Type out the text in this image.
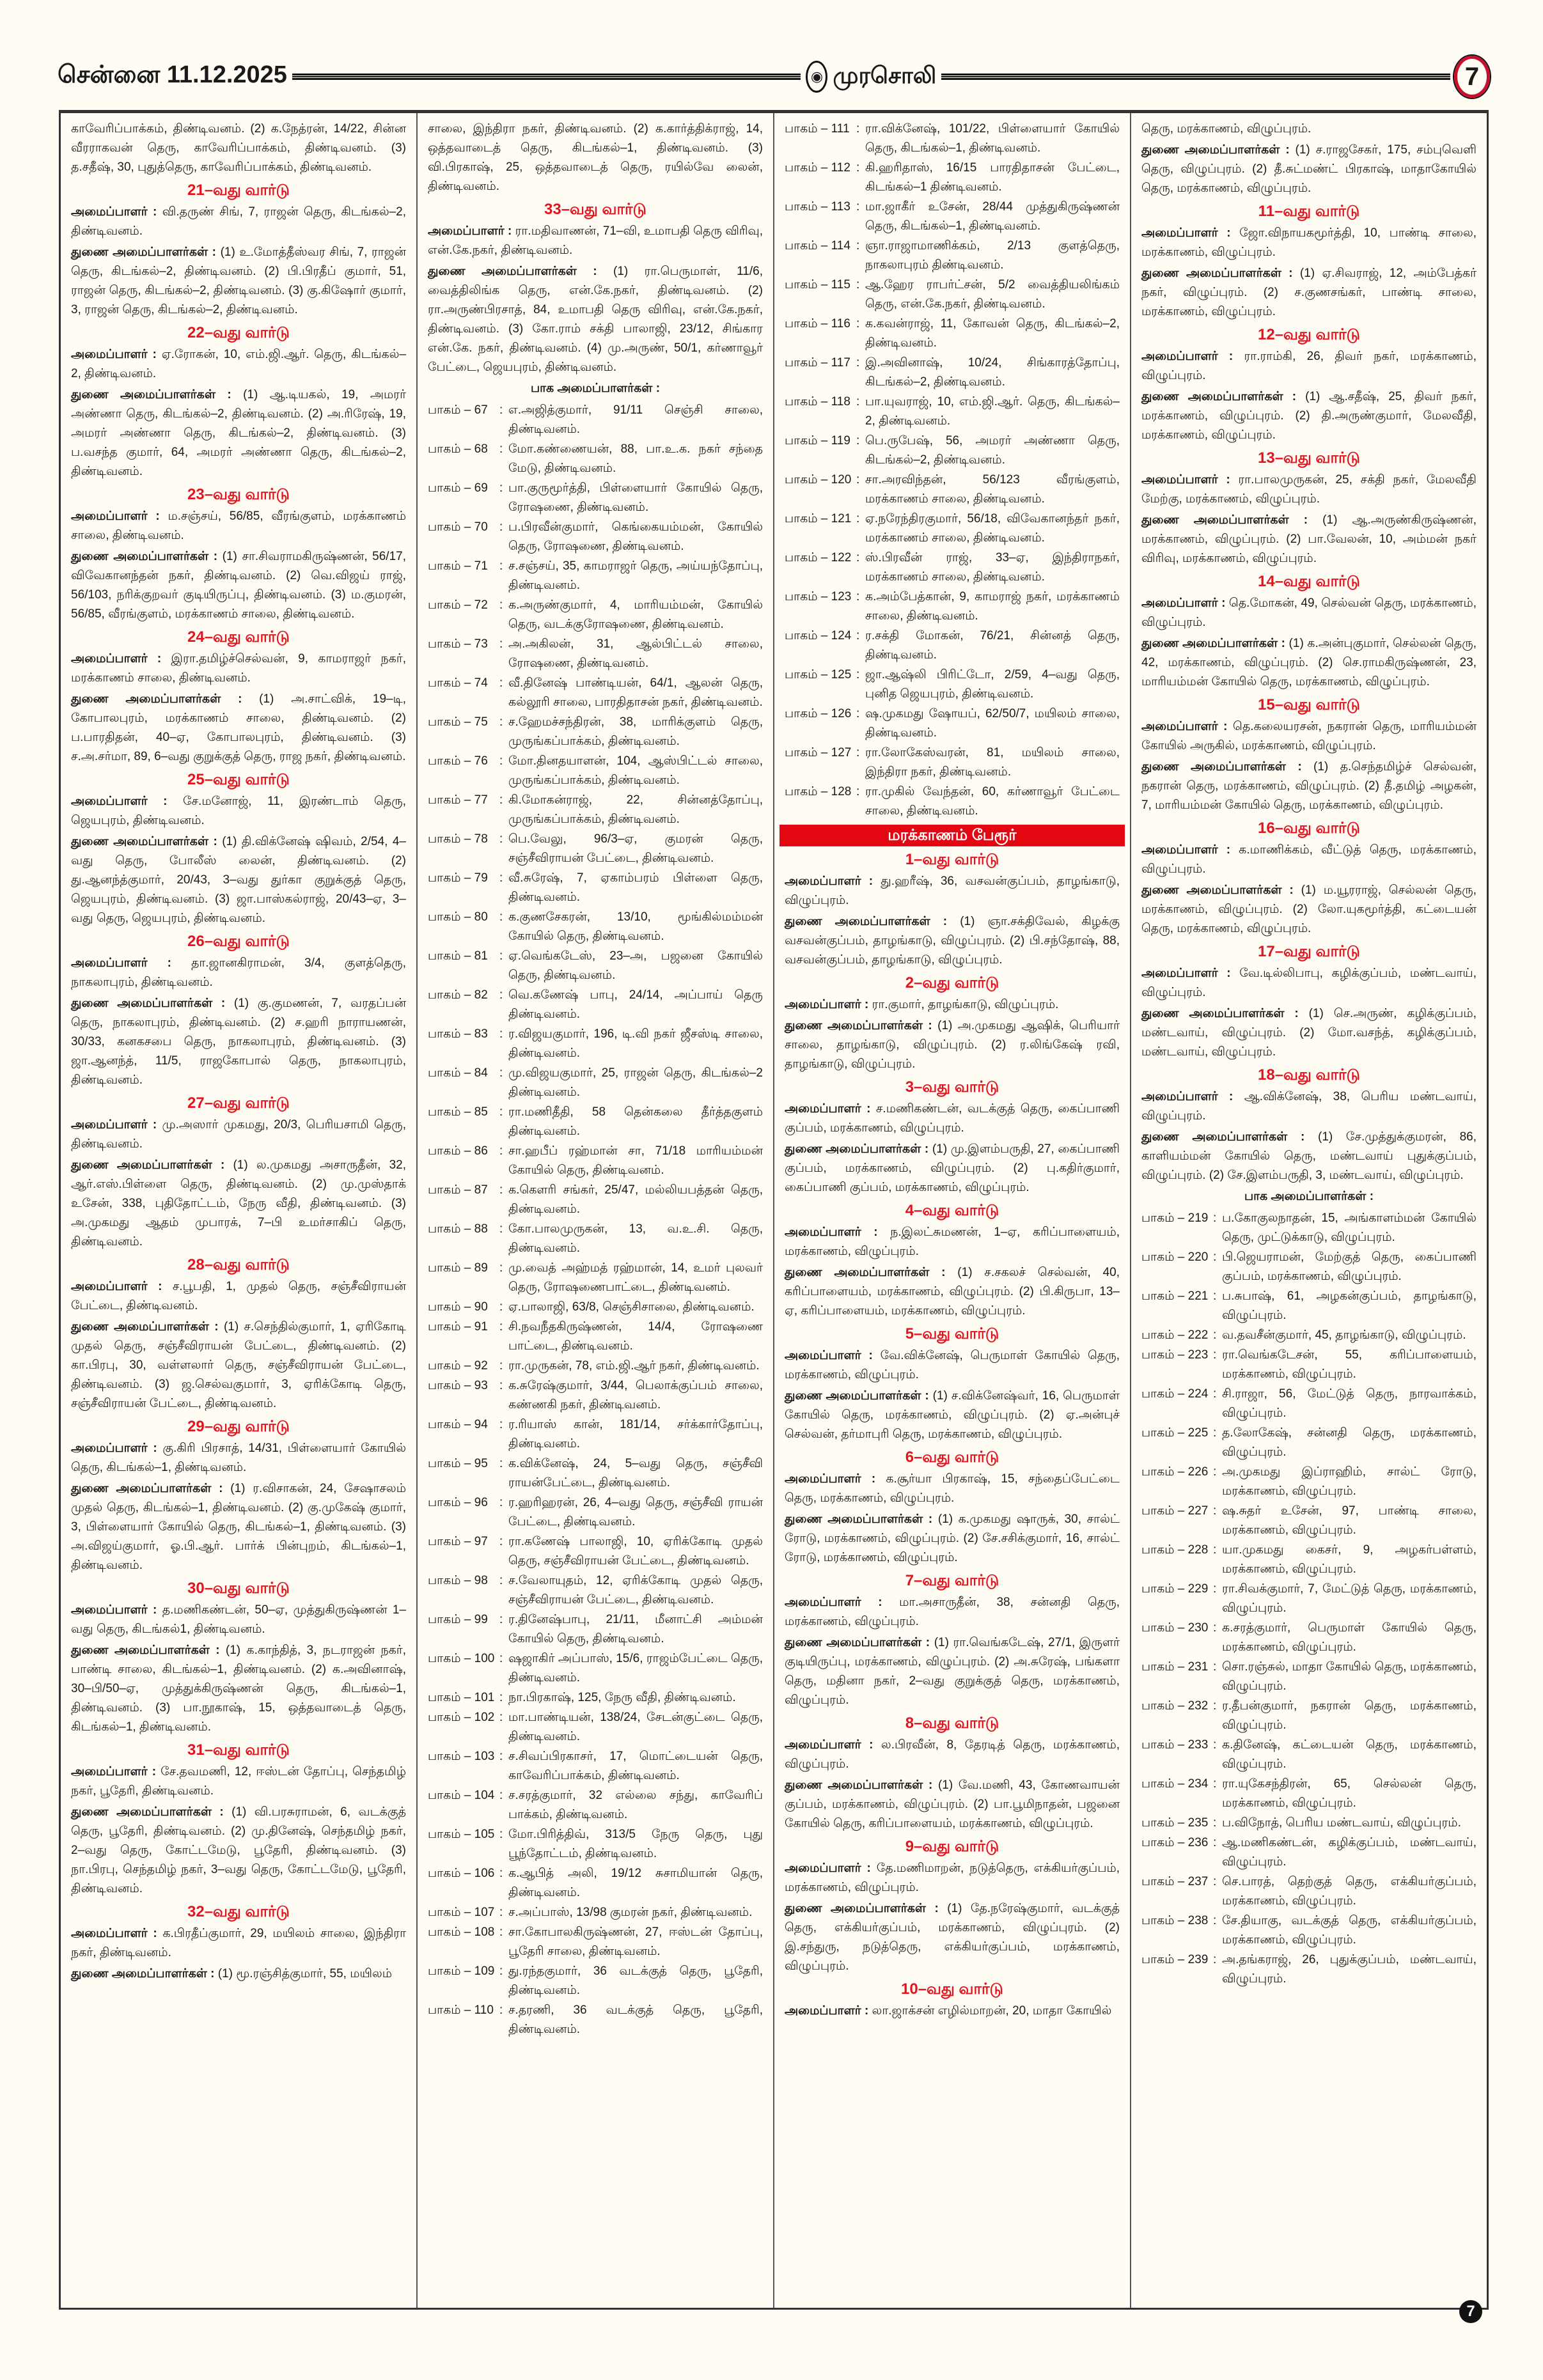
சென்னை 11.12.2025	◉ முரசொலி	7

காவேரிப்பாக்கம், திண்டிவனம். (2) க.நேத்ரன், 14/22, சின்ன வீரராகவன் தெரு, காவேரிப்பாக்கம், திண்டிவனம். (3) த.சதீஷ், 30, புதுத்தெரு, காவேரிப்பாக்கம், திண்டிவனம்.

21–வது வார்டு

அமைப்பாளர் : வி.தருண் சிங், 7, ராஜன் தெரு, கிடங்கல்–2, திண்டிவனம்.

துணை அமைப்பாளர்கள் : (1) உ.மோத்தீஸ்வர சிங், 7, ராஜன் தெரு, கிடங்கல்–2, திண்டிவனம். (2) பி.பிரதீப் குமார், 51, ராஜன் தெரு, கிடங்கல்–2, திண்டிவனம். (3) கு.கிஷோர் குமார், 3, ராஜன் தெரு, கிடங்கல்–2, திண்டிவனம்.

22–வது வார்டு

அமைப்பாளர் : ஏ.ரோகன், 10, எம்.ஜி.ஆர். தெரு, கிடங்கல்–2, திண்டிவனம்.

துணை அமைப்பாளர்கள் : (1) ஆ.டியகல், 19, அமரர் அண்ணா தெரு, கிடங்கல்–2, திண்டிவனம். (2) அ.ரிரேஷ், 19, அமரர் அண்ணா தெரு, கிடங்கல்–2, திண்டிவனம். (3) ப.வசந்த குமார், 64, அமரர் அண்ணா தெரு, கிடங்கல்–2, திண்டிவனம்.

23–வது வார்டு

அமைப்பாளர் : ம.சஞ்சய், 56/85, வீரங்குளம், மரக்காணம் சாலை, திண்டிவனம்.

துணை அமைப்பாளர்கள் : (1) சா.சிவராமகிருஷ்ணன், 56/17, விவேகானந்தன் நகர், திண்டிவனம். (2) வெ.விஜய் ராஜ், 56/103, நரிக்குறவர் குடியிருப்பு, திண்டிவனம். (3) ம.குமரன், 56/85, வீரங்குளம், மரக்காணம் சாலை, திண்டிவனம்.

24–வது வார்டு

அமைப்பாளர் : இரா.தமிழ்ச்செல்வன், 9, காமராஜர் நகர், மரக்காணம் சாலை, திண்டிவனம்.

துணை அமைப்பாளர்கள் : (1) அ.சாட்விக், 19–டி, கோபாலபுரம், மரக்காணம் சாலை, திண்டிவனம். (2) ப.பாரதிதன், 40–ஏ, கோபாலபுரம், திண்டிவனம். (3) ச.அ.சர்மா, 89, 6–வது குறுக்குத் தெரு, ராஜ நகர், திண்டிவனம்.

25–வது வார்டு

அமைப்பாளர் : சே.மனோஜ், 11, இரண்டாம் தெரு, ஜெயபுரம், திண்டிவனம்.

துணை அமைப்பாளர்கள் : (1) தி.விக்னேஷ் ஷிவம், 2/54, 4–வது தெரு, போலீஸ் லைன், திண்டிவனம். (2) து.ஆனந்த்குமார், 20/43, 3–வது துர்கா குறுக்குத் தெரு, ஜெயபுரம், திண்டிவனம். (3) ஜா.பாஸ்கல்ராஜ், 20/43–ஏ, 3–வது தெரு, ஜெயபுரம், திண்டிவனம்.

26–வது வார்டு

அமைப்பாளர் : தா.ஜானகிராமன், 3/4, குளத்தெரு, நாகலாபுரம், திண்டிவனம்.

துணை அமைப்பாளர்கள் : (1) கு.குமணன், 7, வரதப்பன் தெரு, நாகலாபுரம், திண்டிவனம். (2) ச.ஹரி நாராயணன், 30/33, கனகசபை தெரு, நாகலாபுரம், திண்டிவனம். (3) ஜா.ஆனந்த், 11/5, ராஜகோபால் தெரு, நாகலாபுரம், திண்டிவனம்.

27–வது வார்டு

அமைப்பாளர் : மு.அஸார் முகமது, 20/3, பெரியசாமி தெரு, திண்டிவனம்.

துணை அமைப்பாளர்கள் : (1) ல.முகமது அசாருதீன், 32, ஆர்.எஸ்.பிள்ளை தெரு, திண்டிவனம். (2) மு.முஸ்தாக் உசேன், 338, புதிதோட்டம், நேரு வீதி, திண்டிவனம். (3) அ.முகமது ஆதம் முபாரக், 7–பி உமர்சாகிப் தெரு, திண்டிவனம்.

28–வது வார்டு

அமைப்பாளர் : ச.பூபதி, 1, முதல் தெரு, சஞ்சீவிராயன் பேட்டை, திண்டிவனம்.

துணை அமைப்பாளர்கள் : (1) ச.செந்தில்குமார், 1, ஏரிகோடி முதல் தெரு, சஞ்சீவிராயன் பேட்டை, திண்டிவனம். (2) கா.பிரபு, 30, வள்ளலார் தெரு, சஞ்சீவிராயன் பேட்டை, திண்டிவனம். (3) ஜ.செல்வகுமார், 3, ஏரிக்கோடி தெரு, சஞ்சீவிராயன் பேட்டை, திண்டிவனம்.

29–வது வார்டு

அமைப்பாளர் : கு.கிரி பிரசாத், 14/31, பிள்ளையார் கோயில் தெரு, கிடங்கல்–1, திண்டிவனம்.

துணை அமைப்பாளர்கள் : (1) ர.விசாகன், 24, சேஷாசலம் முதல் தெரு, கிடங்கல்–1, திண்டிவனம். (2) கு.முகேஷ் குமார், 3, பிள்ளையார் கோயில் தெரு, கிடங்கல்–1, திண்டிவனம். (3) அ.விஜய்குமார், ஓ.பி.ஆர். பார்க் பின்புறம், கிடங்கல்–1, திண்டிவனம்.

30–வது வார்டு

அமைப்பாளர் : த.மணிகண்டன், 50–ஏ, முத்துகிருஷ்ணன் 1–வது தெரு, கிடங்கல்1, திண்டிவனம்.

துணை அமைப்பாளர்கள் : (1) க.காந்தித், 3, நடராஜன் நகர், பாண்டி சாலை, கிடங்கல்–1, திண்டிவனம். (2) க.அவினாஷ், 30–பி/50–ஏ, முத்துக்கிருஷ்ணன் தெரு, கிடங்கல்–1, திண்டிவனம். (3) பா.நூகாஷ், 15, ஒத்தவாடைத் தெரு, கிடங்கல்–1, திண்டிவனம்.

31–வது வார்டு

அமைப்பாளர் : சே.தவமணி, 12, ஈஸ்டன் தோப்பு, செந்தமிழ் நகர், பூதேரி, திண்டிவனம்.

துணை அமைப்பாளர்கள் : (1) வி.பரசுராமன், 6, வடக்குத் தெரு, பூதேரி, திண்டிவனம். (2) மு.தினேஷ், செந்தமிழ் நகர், 2–வது தெரு, கோட்டமேடு, பூதேரி, திண்டிவனம். (3) நா.பிரபு, செந்தமிழ் நகர், 3–வது தெரு, கோட்டமேடு, பூதேரி, திண்டிவனம்.

32–வது வார்டு

அமைப்பாளர் : க.பிரதீப்குமார், 29, மயிலம் சாலை, இந்திரா நகர், திண்டிவனம்.

துணை அமைப்பாளர்கள் : (1) மூ.ரஞ்சித்குமார், 55, மயிலம்

சாலை, இந்திரா நகர், திண்டிவனம். (2) க.கார்த்திக்ராஜ், 14, ஒத்தவாடைத் தெரு, கிடங்கல்–1, திண்டிவனம். (3) வி.பிரகாஷ், 25, ஒத்தவாடைத் தெரு, ரயில்வே லைன், திண்டிவனம்.

33–வது வார்டு

அமைப்பாளர் : ரா.மதிவாணன், 71–வி, உமாபதி தெரு விரிவு, என்.கே.நகர், திண்டிவனம்.

துணை அமைப்பாளர்கள் : (1) ரா.பெருமாள், 11/6, வைத்திலிங்க தெரு, என்.கே.நகர், திண்டிவனம். (2) ரா.அருண்பிரசாத், 84, உமாபதி தெரு விரிவு, என்.கே.நகர், திண்டிவனம். (3) கோ.ராம் சக்தி பாலாஜி, 23/12, சிங்கார என்.கே. நகர், திண்டிவனம். (4) மு.அருண், 50/1, கர்ணாவூர் பேட்டை, ஜெயபுரம், திண்டிவனம்.

பாக அமைப்பாளர்கள் :
பாகம் – 67 : எ.அஜித்குமார், 91/11 செஞ்சி சாலை, திண்டிவனம்.
பாகம் – 68 : மோ.கண்ணையன், 88, பா.உ.க. நகர் சந்தை மேடு, திண்டிவனம்.
பாகம் – 69 : பா.குருமூர்த்தி, பிள்ளையார் கோயில் தெரு, ரோஷணை, திண்டிவனம்.
பாகம் – 70 : ப.பிரவீன்குமார், கெங்கையம்மன், கோயில் தெரு, ரோஷணை, திண்டிவனம்.
பாகம் – 71 : ச.சஞ்சய், 35, காமராஜர் தெரு, அய்யந்தோப்பு, திண்டிவனம்.
பாகம் – 72 : க.அருண்குமார், 4, மாரியம்மன், கோயில் தெரு, வடக்குரோஷணை, திண்டிவனம்.
பாகம் – 73 : அ.அகிலன், 31, ஆல்பிட்டல் சாலை, ரோஷணை, திண்டிவனம்.
பாகம் – 74 : வீ.தினேஷ் பாண்டியன், 64/1, ஆலன் தெரு, கல்லூரி சாலை, பாரதிதாசன் நகர், திண்டிவனம்.
பாகம் – 75 : ச.ஹேமச்சந்திரன், 38, மாரிக்குளம் தெரு, முருங்கப்பாக்கம், திண்டிவனம்.
பாகம் – 76 : மோ.தினதயாளன், 104, ஆஸ்பிட்டல் சாலை, முருங்கப்பாக்கம், திண்டிவனம்.
பாகம் – 77 : கி.மோகன்ராஜ், 22, சின்னத்தோப்பு, முருங்கப்பாக்கம், திண்டிவனம்.
பாகம் – 78 : பெ.வேலு, 96/3–ஏ, குமரன் தெரு, சஞ்சீவிராயன் பேட்டை, திண்டிவனம்.
பாகம் – 79 : வீ.சுரேஷ், 7, ஏகாம்பரம் பிள்ளை தெரு, திண்டிவனம்.
பாகம் – 80 : க.குணசேகரன், 13/10, மூங்கில்மம்மன் கோயில் தெரு, திண்டிவனம்.
பாகம் – 81 : ஏ.வெங்கடேஸ், 23–அ, பஜனை கோயில் தெரு, திண்டிவனம்.
பாகம் – 82 : வெ.கணேஷ் பாபு, 24/14, அப்பாய் தெரு திண்டிவனம்.
பாகம் – 83 : ர.விஜயகுமார், 196, டி.வி நகர் ஜீசஸ்டி சாலை, திண்டிவனம்.
பாகம் – 84 : மு.விஜயகுமார், 25, ராஜன் தெரு, கிடங்கல்–2 திண்டிவனம்.
பாகம் – 85 : ரா.மணிதீதி, 58 தென்கலை தீர்த்தகுளம் திண்டிவனம்.
பாகம் – 86 : சா.ஹபீப் ரஹ்மான் சா, 71/18 மாரியம்மன் கோயில் தெரு, திண்டிவனம்.
பாகம் – 87 : க.கௌரி சங்கர், 25/47, மல்லியபத்தன் தெரு, திண்டிவனம்.
பாகம் – 88 : கோ.பாலமுருகன், 13, வ.உ.சி. தெரு, திண்டிவனம்.
பாகம் – 89 : மு.வைத் அஹ்மத் ரஹ்மான், 14, உமர் புலவர் தெரு, ரோஷணைபாட்டை, திண்டிவனம்.
பாகம் – 90 : ஏ.பாலாஜி, 63/8, செஞ்சிசாலை, திண்டிவனம்.
பாகம் – 91 : சி.நவநீதகிருஷ்ணன், 14/4, ரோஷணை பாட்டை, திண்டிவனம்.
பாகம் – 92 : ரா.முருகன், 78, எம்.ஜி.ஆர் நகர், திண்டிவனம்.
பாகம் – 93 : க.சுரேஷ்குமார், 3/44, பெலாக்குப்பம் சாலை, கண்ணகி நகர், திண்டிவனம்.
பாகம் – 94 : ர.ரியாஸ் கான், 181/14, சர்க்கார்தோப்பு, திண்டிவனம்.
பாகம் – 95 : க.விக்னேஷ், 24, 5–வது தெரு, சஞ்சீவி ராயன்பேட்டை, திண்டிவனம்.
பாகம் – 96 : ர.ஹரிஹரன், 26, 4–வது தெரு, சஞ்சீவி ராயன் பேட்டை, திண்டிவனம்.
பாகம் – 97 : ரா.கணேஷ் பாலாஜி, 10, ஏரிக்கோடி முதல் தெரு, சஞ்சீவிராயன் பேட்டை, திண்டிவனம்.
பாகம் – 98 : ச.வேலாயுதம், 12, ஏரிக்கோடி முதல் தெரு, சஞ்சீவிராயன் பேட்டை, திண்டிவனம்.
பாகம் – 99 : ர.தினேஷ்பாபு, 21/11, மீனாட்சி அம்மன் கோயில் தெரு, திண்டிவனம்.
பாகம் – 100 : ஷஜாகிர் அப்பாஸ், 15/6, ராஜம்பேட்டை தெரு, திண்டிவனம்.
பாகம் – 101 : நா.பிரகாஷ், 125, நேரு வீதி, திண்டிவனம்.
பாகம் – 102 : மா.பாண்டியன், 138/24, சேடன்குட்டை தெரு, திண்டிவனம்.
பாகம் – 103 : ச.சிவப்பிரகாசர், 17, மொட்டையன் தெரு, காவேரிப்பாக்கம், திண்டிவனம்.
பாகம் – 104 : ச.சரத்குமார், 32 எல்லை சந்து, காவேரிப் பாக்கம், திண்டிவனம்.
பாகம் – 105 : மோ.பிரித்திவ், 313/5 நேரு தெரு, புது பூந்தோட்டம், திண்டிவனம்.
பாகம் – 106 : க.ஆபித் அலி, 19/12 சுசாமியான் தெரு, திண்டிவனம்.
பாகம் – 107 : ச.அப்பாஸ், 13/98 குமரன் நகர், திண்டிவனம்.
பாகம் – 108 : சா.கோபாலகிருஷ்ணன், 27, ஈஸ்டன் தோப்பு, பூதேரி சாலை, திண்டிவனம்.
பாகம் – 109 : து.ரந்தகுமார், 36 வடக்குத் தெரு, பூதேரி, திண்டிவனம்.
பாகம் – 110 : ச.தரணி, 36 வடக்குத் தெரு, பூதேரி, திண்டிவனம்.
பாகம் – 111 : ரா.விக்னேஷ், 101/22, பிள்ளையார் கோயில் தெரு, கிடங்கல்–1, திண்டிவனம்.
பாகம் – 112 : கி.ஹரிதாஸ், 16/15 பாரதிதாசன் பேட்டை, கிடங்கல்–1 திண்டிவனம்.
பாகம் – 113 : மா.ஜாகீர் உசேன், 28/44 முத்துகிருஷ்ணன் தெரு, கிடங்கல்–1, திண்டிவனம்.
பாகம் – 114 : ஞா.ராஜாமாணிக்கம், 2/13 குளத்தெரு, நாகலாபுரம் திண்டிவனம்.
பாகம் – 115 : ஆ.ஹேர ராபர்ட்சன், 5/2 வைத்தியலிங்கம் தெரு, என்.கே.நகர், திண்டிவனம்.
பாகம் – 116 : க.கவன்ராஜ், 11, கோவன் தெரு, கிடங்கல்–2, திண்டிவனம்.
பாகம் – 117 : இ.அவினாஷ், 10/24, சிங்காரத்தோப்பு, கிடங்கல்–2, திண்டிவனம்.
பாகம் – 118 : பா.யுவராஜ், 10, எம்.ஜி.ஆர். தெரு, கிடங்கல்–2, திண்டிவனம்.
பாகம் – 119 : பெ.ருபேஷ், 56, அமரர் அண்ணா தெரு, கிடங்கல்–2, திண்டிவனம்.
பாகம் – 120 : சா.அரவிந்தன், 56/123 வீரங்குளம், மரக்காணம் சாலை, திண்டிவனம்.
பாகம் – 121 : ஏ.நரேந்திரகுமார், 56/18, விவேகானந்தர் நகர், மரக்காணம் சாலை, திண்டிவனம்.
பாகம் – 122 : ஸ்.பிரவீன் ராஜ், 33–ஏ, இந்திராநகர், மரக்காணம் சாலை, திண்டிவனம்.
பாகம் – 123 : க.அம்பேத்கான், 9, காமராஜ் நகர், மரக்காணம் சாலை, திண்டிவனம்.
பாகம் – 124 : ர.சக்தி மோகன், 76/21, சின்னத் தெரு, திண்டிவனம்.
பாகம் – 125 : ஜா.ஆஷ்லி பிரிட்டோ, 2/59, 4–வது தெரு, புனித ஜெயபுரம், திண்டிவனம்.
பாகம் – 126 : ஷ.முகமது ஷோயப், 62/50/7, மயிலம் சாலை, திண்டிவனம்.
பாகம் – 127 : ரா.லோகேஸ்வரன், 81, மயிலம் சாலை, இந்திரா நகர், திண்டிவனம்.
பாகம் – 128 : ரா.முகில் வேந்தன், 60, கர்ணாவூர் பேட்டை சாலை, திண்டிவனம்.
மரக்காணம் பேரூர்
1–வது வார்டு

அமைப்பாளர் : து.ஹரீஷ், 36, வசவன்குப்பம், தாழங்காடு, விழுப்புரம்.

துணை அமைப்பாளர்கள் : (1) ஞா.சக்திவேல், கிழக்கு வசவன்குப்பம், தாழங்காடு, விழுப்புரம். (2) பி.சந்தோஷ், 88, வசவன்குப்பம், தாழங்காடு, விழுப்புரம்.

2–வது வார்டு

அமைப்பாளர் : ரா.குமார், தாழங்காடு, விழுப்புரம்.

துணை அமைப்பாளர்கள் : (1) அ.முகமது ஆஷிக், பெரியார் சாலை, தாழங்காடு, விழுப்புரம். (2) ர.லிங்கேஷ் ரவி, தாழங்காடு, விழுப்புரம்.

3–வது வார்டு

அமைப்பாளர் : ச.மணிகண்டன், வடக்குத் தெரு, கைப்பாணி குப்பம், மரக்காணம், விழுப்புரம்.

துணை அமைப்பாளர்கள் : (1) மு.இளம்பருதி, 27, கைப்பாணி குப்பம், மரக்காணம், விழுப்புரம். (2) பு.கதிர்குமார், கைப்பாணி குப்பம், மரக்காணம், விழுப்புரம்.

4–வது வார்டு

அமைப்பாளர் : ந.இலட்சுமணன், 1–ஏ, கரிப்பாளையம், மரக்காணம், விழுப்புரம்.

துணை அமைப்பாளர்கள் : (1) ச.சகலச் செல்வன், 40, கரிப்பாளையம், மரக்காணம், விழுப்புரம். (2) பி.கிருபா, 13–ஏ, கரிப்பாளையம், மரக்காணம், விழுப்புரம்.

5–வது வார்டு

அமைப்பாளர் : வே.விக்னேஷ், பெருமாள் கோயில் தெரு, மரக்காணம், விழுப்புரம்.

துணை அமைப்பாளர்கள் : (1) ச.விக்னேஷ்வர், 16, பெருமாள் கோயில் தெரு, மரக்காணம், விழுப்புரம். (2) ஏ.அன்புச் செல்வன், தர்மாபுரி தெரு, மரக்காணம், விழுப்புரம்.

6–வது வார்டு

அமைப்பாளர் : க.சூர்யா பிரகாஷ், 15, சந்தைப்பேட்டை தெரு, மரக்காணம், விழுப்புரம்.

துணை அமைப்பாளர்கள் : (1) க.முகமது ஷாருக், 30, சால்ட் ரோடு, மரக்காணம், விழுப்புரம். (2) சே.சசிக்குமார், 16, சால்ட் ரோடு, மரக்காணம், விழுப்புரம்.

7–வது வார்டு

அமைப்பாளர் : மா.அசாருதீன், 38, சன்னதி தெரு, மரக்காணம், விழுப்புரம்.

துணை அமைப்பாளர்கள் : (1) ரா.வெங்கடேஷ், 27/1, இருளர் குடியிருப்பு, மரக்காணம், விழுப்புரம். (2) அ.சுரேஷ், பங்களா தெரு, மதினா நகர், 2–வது குறுக்குத் தெரு, மரக்காணம், விழுப்புரம்.

8–வது வார்டு

அமைப்பாளர் : ல.பிரவீன், 8, தேரடித் தெரு, மரக்காணம், விழுப்புரம்.

துணை அமைப்பாளர்கள் : (1) வே.மணி, 43, கோணவாயன் குப்பம், மரக்காணம், விழுப்புரம். (2) பா.பூமிநாதன், பஜனை கோயில் தெரு, கரிப்பாளையம், மரக்காணம், விழுப்புரம்.

9–வது வார்டு

அமைப்பாளர் : தே.மணிமாறன், நடுத்தெரு, எக்கியர்குப்பம், மரக்காணம், விழுப்புரம்.

துணை அமைப்பாளர்கள் : (1) தே.நரேஷ்குமார், வடக்குத் தெரு, எக்கியர்குப்பம், மரக்காணம், விழுப்புரம். (2) இ.சந்துரு, நடுத்தெரு, எக்கியர்குப்பம், மரக்காணம், விழுப்புரம்.

10–வது வார்டு

அமைப்பாளர் : லா.ஜாக்சன் எழில்மாறன், 20, மாதா கோயில்

தெரு, மரக்காணம், விழுப்புரம்.

துணை அமைப்பாளர்கள் : (1) ச.ராஜசேகர், 175, சம்புவெளி தெரு, விழுப்புரம். (2) தீ.சுட்மண்ட் பிரகாஷ், மாதாகோயில் தெரு, மரக்காணம், விழுப்புரம்.

11–வது வார்டு

அமைப்பாளர் : ஜோ.விநாயகமூர்த்தி, 10, பாண்டி சாலை, மரக்காணம், விழுப்புரம்.

துணை அமைப்பாளர்கள் : (1) ஏ.சிவராஜ், 12, அம்பேத்கர் நகர், விழுப்புரம். (2) ச.குணசங்கர், பாண்டி சாலை, மரக்காணம், விழுப்புரம்.

12–வது வார்டு

அமைப்பாளர் : ரா.ராம்கி, 26, திவர் நகர், மரக்காணம், விழுப்புரம்.

துணை அமைப்பாளர்கள் : (1) ஆ.சதீஷ், 25, திவர் நகர், மரக்காணம், விழுப்புரம். (2) தி.அருண்குமார், மேலவீதி, மரக்காணம், விழுப்புரம்.

13–வது வார்டு

அமைப்பாளர் : ரா.பாலமுருகன், 25, சக்தி நகர், மேலவீதி மேற்கு, மரக்காணம், விழுப்புரம்.

துணை அமைப்பாளர்கள் : (1) ஆ.அருண்கிருஷ்ணன், மரக்காணம், விழுப்புரம். (2) பா.வேலன், 10, அம்மன் நகர் விரிவு, மரக்காணம், விழுப்புரம்.

14–வது வார்டு

அமைப்பாளர் : தெ.மோகன், 49, செல்வன் தெரு, மரக்காணம், விழுப்புரம்.

துணை அமைப்பாளர்கள் : (1) க.அன்புகுமார், செல்லன் தெரு, 42, மரக்காணம், விழுப்புரம். (2) செ.ராமகிருஷ்ணன், 23, மாரியம்மன் கோயில் தெரு, மரக்காணம், விழுப்புரம்.

15–வது வார்டு

அமைப்பாளர் : தெ.கலையரசன், நகரான் தெரு, மாரியம்மன் கோயில் அருகில், மரக்காணம், விழுப்புரம்.

துணை அமைப்பாளர்கள் : (1) த.செந்தமிழ்ச் செல்வன், நகரான் தெரு, மரக்காணம், விழுப்புரம். (2) தீ.தமிழ் அழகன், 7, மாரியம்மன் கோயில் தெரு, மரக்காணம், விழுப்புரம்.

16–வது வார்டு

அமைப்பாளர் : க.மாணிக்கம், வீட்டுத் தெரு, மரக்காணம், விழுப்புரம்.

துணை அமைப்பாளர்கள் : (1) ம.யூரராஜ், செல்லன் தெரு, மரக்காணம், விழுப்புரம். (2) லோ.யுகமூர்த்தி, கட்டையன் தெரு, மரக்காணம், விழுப்புரம்.

17–வது வார்டு

அமைப்பாளர் : வே.டில்லிபாபு, கழிக்குப்பம், மண்டவாய், விழுப்புரம்.

துணை அமைப்பாளர்கள் : (1) செ.அருண், கழிக்குப்பம், மண்டவாய், விழுப்புரம். (2) மோ.வசந்த், கழிக்குப்பம், மண்டவாய், விழுப்புரம்.

18–வது வார்டு

அமைப்பாளர் : ஆ.விக்னேஷ், 38, பெரிய மண்டவாய், விழுப்புரம்.

துணை அமைப்பாளர்கள் : (1) சே.முத்துக்குமரன், 86, காளியம்மன் கோயில் தெரு, மண்டவாய் புதுக்குப்பம், விழுப்புரம். (2) சே.இளம்பருதி, 3, மண்டவாய், விழுப்புரம்.

பாக அமைப்பாளர்கள் :
பாகம் – 219 : ப.கோகுலநாதன், 15, அங்காளம்மன் கோயில் தெரு, முட்டுக்காடு, விழுப்புரம்.
பாகம் – 220 : பி.ஜெயராமன், மேற்குத் தெரு, கைப்பாணி குப்பம், மரக்காணம், விழுப்புரம்.
பாகம் – 221 : ப.சுபாஷ், 61, அழகன்குப்பம், தாழங்காடு, விழுப்புரம்.
பாகம் – 222 : வ.தவசீன்குமார், 45, தாழங்காடு, விழுப்புரம்.
பாகம் – 223 : ரா.வெங்கடேசன், 55, கரிப்பாளையம், மரக்காணம், விழுப்புரம்.
பாகம் – 224 : சி.ராஜா, 56, மேட்டுத் தெரு, நாரவாக்கம், விழுப்புரம்.
பாகம் – 225 : த.லோகேஷ், சன்னதி தெரு, மரக்காணம், விழுப்புரம்.
பாகம் – 226 : அ.முகமது இப்ராஹிம், சால்ட் ரோடு, மரக்காணம், விழுப்புரம்.
பாகம் – 227 : ஷ.சுதர் உசேன், 97, பாண்டி சாலை, மரக்காணம், விழுப்புரம்.
பாகம் – 228 : யா.முகமது கைசர், 9, அழகர்பள்ளம், மரக்காணம், விழுப்புரம்.
பாகம் – 229 : ரா.சிவக்குமார், 7, மேட்டுத் தெரு, மரக்காணம், விழுப்புரம்.
பாகம் – 230 : க.சரத்குமார், பெருமாள் கோயில் தெரு, மரக்காணம், விழுப்புரம்.
பாகம் – 231 : சொ.ரஞ்சுல், மாதா கோயில் தெரு, மரக்காணம், விழுப்புரம்.
பாகம் – 232 : ர.தீபன்குமார், நகரான் தெரு, மரக்காணம், விழுப்புரம்.
பாகம் – 233 : க.தினேஷ், கட்டையன் தெரு, மரக்காணம், விழுப்புரம்.
பாகம் – 234 : ரா.யுகேசந்திரன், 65, செல்லன் தெரு, மரக்காணம், விழுப்புரம்.
பாகம் – 235 : ப.விநோத், பெரிய மண்டவாய், விழுப்புரம்.
பாகம் – 236 : ஆ.மணிகண்டன், கழிக்குப்பம், மண்டவாய், விழுப்புரம்.
பாகம் – 237 : செ.பாரத், தெற்குத் தெரு, எக்கியர்குப்பம், மரக்காணம், விழுப்புரம்.
பாகம் – 238 : சே.தியாகு, வடக்குத் தெரு, எக்கியர்குப்பம், மரக்காணம், விழுப்புரம்.
பாகம் – 239 : அ.தங்கராஜ், 26, புதுக்குப்பம், மண்டவாய், விழுப்புரம்.
7
